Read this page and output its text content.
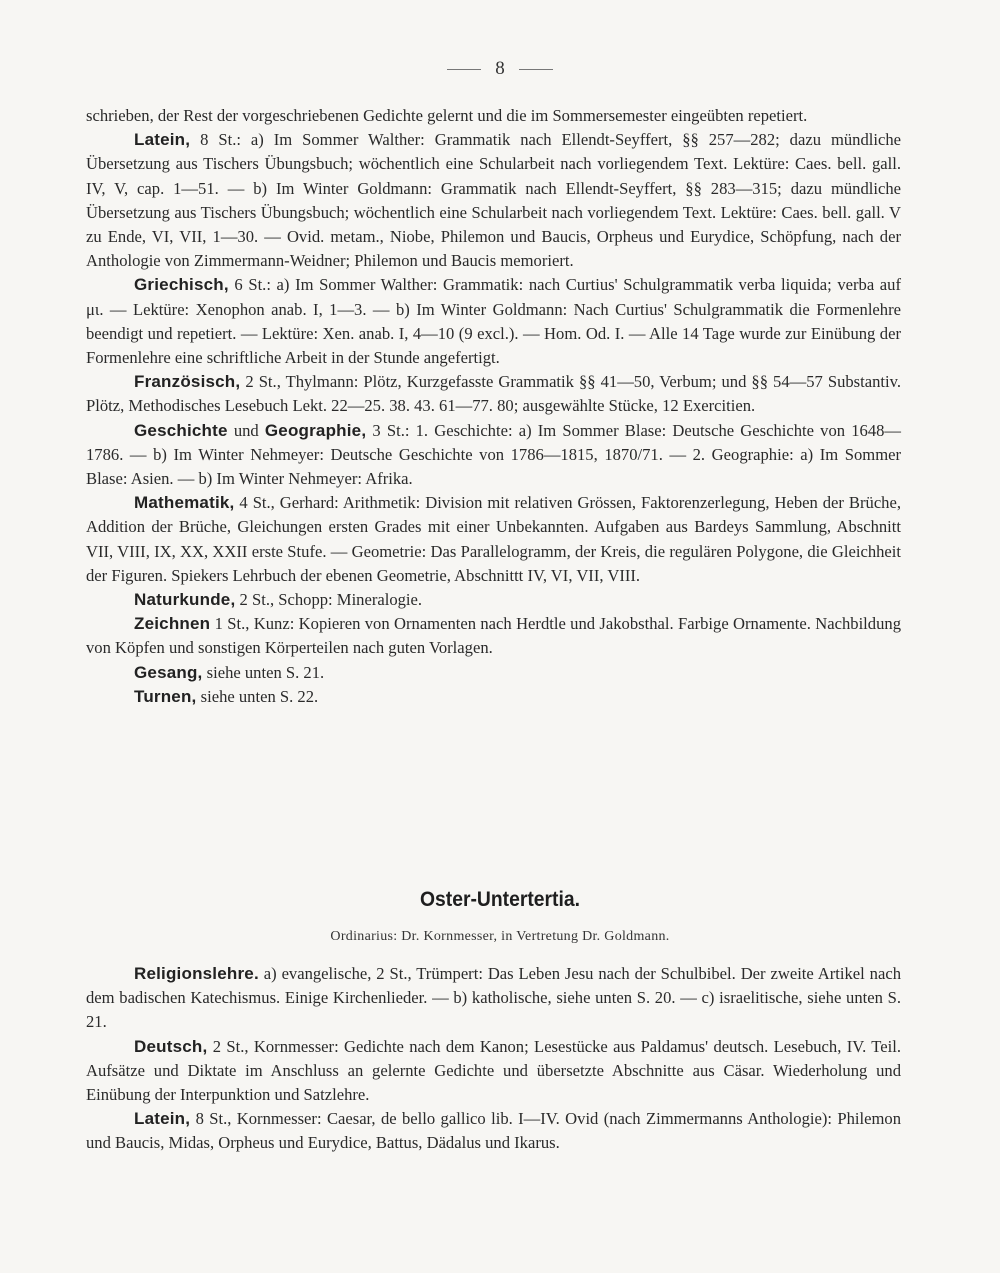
8

schrieben, der Rest der vorgeschriebenen Gedichte gelernt und die im Sommersemester eingeübten repetiert.

Latein, 8 St.: a) Im Sommer Walther: Grammatik nach Ellendt-Seyffert, §§ 257—282; dazu mündliche Übersetzung aus Tischers Übungsbuch; wöchentlich eine Schularbeit nach vorliegendem Text. Lektüre: Caes. bell. gall. IV, V, cap. 1—51. — b) Im Winter Goldmann: Grammatik nach Ellendt-Seyffert, §§ 283—315; dazu mündliche Übersetzung aus Tischers Übungsbuch; wöchentlich eine Schularbeit nach vorliegendem Text. Lektüre: Caes. bell. gall. V zu Ende, VI, VII, 1—30. — Ovid. metam., Niobe, Philemon und Baucis, Orpheus und Eurydice, Schöpfung, nach der Anthologie von Zimmermann-Weidner; Philemon und Baucis memoriert.

Griechisch, 6 St.: a) Im Sommer Walther: Grammatik: nach Curtius' Schulgrammatik verba liquida; verba auf μι. — Lektüre: Xenophon anab. I, 1—3. — b) Im Winter Goldmann: Nach Curtius' Schulgrammatik die Formenlehre beendigt und repetiert. — Lektüre: Xen. anab. I, 4—10 (9 excl.). — Hom. Od. I. — Alle 14 Tage wurde zur Einübung der Formenlehre eine schriftliche Arbeit in der Stunde angefertigt.

Französisch, 2 St., Thylmann: Plötz, Kurzgefasste Grammatik §§ 41—50, Verbum; und §§ 54—57 Substantiv. Plötz, Methodisches Lesebuch Lekt. 22—25. 38. 43. 61—77. 80; ausgewählte Stücke, 12 Exercitien.

Geschichte und Geographie, 3 St.: 1. Geschichte: a) Im Sommer Blase: Deutsche Geschichte von 1648—1786. — b) Im Winter Nehmeyer: Deutsche Geschichte von 1786—1815, 1870/71. — 2. Geographie: a) Im Sommer Blase: Asien. — b) Im Winter Nehmeyer: Afrika.

Mathematik, 4 St., Gerhard: Arithmetik: Division mit relativen Grössen, Faktorenzerlegung, Heben der Brüche, Addition der Brüche, Gleichungen ersten Grades mit einer Unbekannten. Aufgaben aus Bardeys Sammlung, Abschnitt VII, VIII, IX, XX, XXII erste Stufe. — Geometrie: Das Parallelogramm, der Kreis, die regulären Polygone, die Gleichheit der Figuren. Spiekers Lehrbuch der ebenen Geometrie, Abschnittt IV, VI, VII, VIII.

Naturkunde, 2 St., Schopp: Mineralogie.

Zeichnen 1 St., Kunz: Kopieren von Ornamenten nach Herdtle und Jakobsthal. Farbige Ornamente. Nachbildung von Köpfen und sonstigen Körperteilen nach guten Vorlagen.

Gesang, siehe unten S. 21.

Turnen, siehe unten S. 22.

Oster-Untertertia.
Ordinarius: Dr. Kornmesser, in Vertretung Dr. Goldmann.

Religionslehre. a) evangelische, 2 St., Trümpert: Das Leben Jesu nach der Schulbibel. Der zweite Artikel nach dem badischen Katechismus. Einige Kirchenlieder. — b) katholische, siehe unten S. 20. — c) israelitische, siehe unten S. 21.

Deutsch, 2 St., Kornmesser: Gedichte nach dem Kanon; Lesestücke aus Paldamus' deutsch. Lesebuch, IV. Teil. Aufsätze und Diktate im Anschluss an gelernte Gedichte und übersetzte Abschnitte aus Cäsar. Wiederholung und Einübung der Interpunktion und Satzlehre.

Latein, 8 St., Kornmesser: Caesar, de bello gallico lib. I—IV. Ovid (nach Zimmermanns Anthologie): Philemon und Baucis, Midas, Orpheus und Eurydice, Battus, Dädalus und Ikarus.
